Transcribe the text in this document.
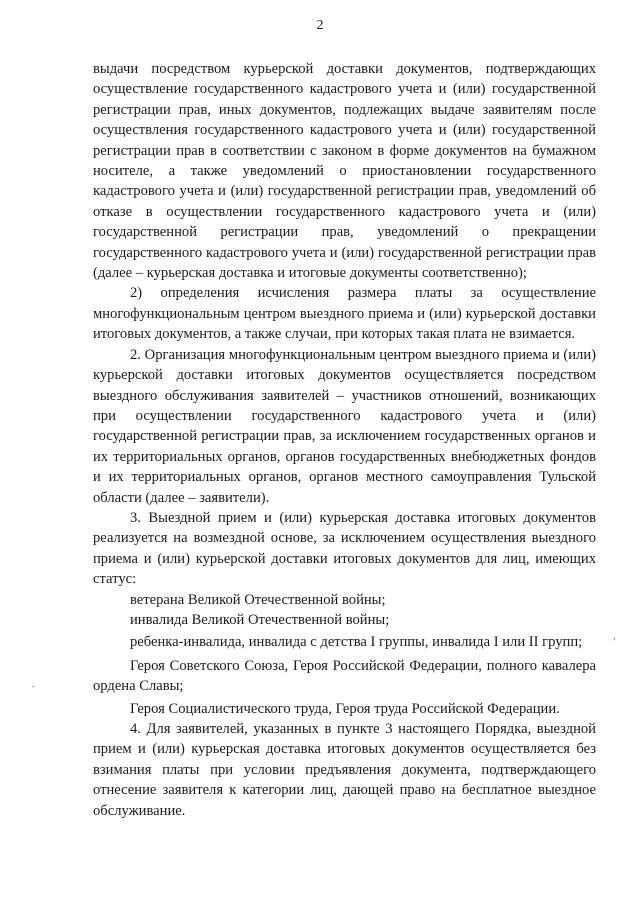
2

выдачи посредством курьерской доставки документов, подтверждающих осуществление государственного кадастрового учета и (или) государственной регистрации прав, иных документов, подлежащих выдаче заявителям после осуществления государственного кадастрового учета и (или) государственной регистрации прав в соответствии с законом в форме документов на бумажном носителе, а также уведомлений о приостановлении государственного кадастрового учета и (или) государственной регистрации прав, уведомлений об отказе в осуществлении государственного кадастрового учета и (или) государственной регистрации прав, уведомлений о прекращении государственного кадастрового учета и (или) государственной регистрации прав (далее – курьерская доставка и итоговые документы соответственно);

2) определения исчисления размера платы за осуществление многофункциональным центром выездного приема и (или) курьерской доставки итоговых документов, а также случаи, при которых такая плата не взимается.

2. Организация многофункциональным центром выездного приема и (или) курьерской доставки итоговых документов осуществляется посредством выездного обслуживания заявителей – участников отношений, возникающих при осуществлении государственного кадастрового учета и (или) государственной регистрации прав, за исключением государственных органов и их территориальных органов, органов государственных внебюджетных фондов и их территориальных органов, органов местного самоуправления Тульской области (далее – заявители).

3. Выездной прием и (или) курьерская доставка итоговых документов реализуется на возмездной основе, за исключением осуществления выездного приема и (или) курьерской доставки итоговых документов для лиц, имеющих статус:

ветерана Великой Отечественной войны;

инвалида Великой Отечественной войны;

ребенка-инвалида, инвалида с детства I группы, инвалида I или II групп;

Героя Советского Союза, Героя Российской Федерации, полного кавалера ордена Славы;

Героя Социалистического труда, Героя труда Российской Федерации.

4. Для заявителей, указанных в пункте 3 настоящего Порядка, выездной прием и (или) курьерская доставка итоговых документов осуществляется без взимания платы при условии предъявления документа, подтверждающего отнесение заявителя к категории лиц, дающей право на бесплатное выездное обслуживание.

,
.
